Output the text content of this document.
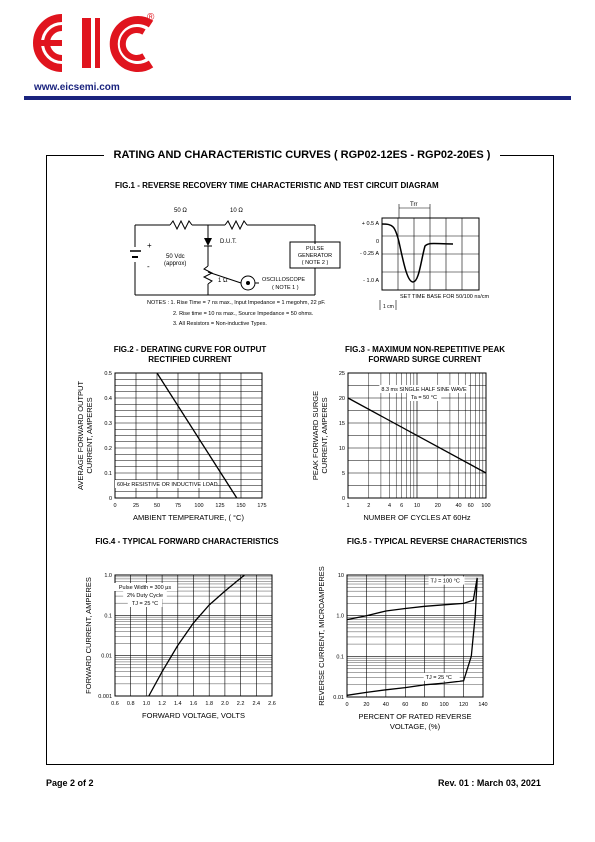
®
www.eicsemi.com
RATING AND CHARACTERISTIC CURVES ( RGP02-12ES - RGP02-20ES )
FIG.1 - REVERSE RECOVERY TIME CHARACTERISTIC AND TEST CIRCUIT DIAGRAM
50 Ω	10 Ω
D.U.T.
1 Ω
+
-
50 Vdc
(approx)
PULSE
GENERATOR
( NOTE 2 )
OSCILLOSCOPE
( NOTE 1 )
NOTES : 1. Rise Time = 7 ns max., Input Impedance = 1 megohm, 22 pF.
2. Rise time = 10 ns max., Source Impedance = 50 ohms.
3. All Resistors = Non-inductive Types.
Trr
+ 0.5 A
0
- 0.25 A
- 1.0 A
SET TIME BASE FOR 50/100 ns/cm
1 cm
FIG.2 - DERATING CURVE FOR OUTPUT
RECTIFIED CURRENT
0	25	50	75 100 125 150 175
0
0.1
0.2
0.3
0.4
0.5
AMBIENT TEMPERATURE, ( °C)
AVERAGE FORWARD OUTPUT CURRENT, AMPERES
60Hz RESISTIVE OR INDUCTIVE LOAD
FIG.3 - MAXIMUM NON-REPETITIVE PEAK
FORWARD SURGE CURRENT
1	2	4 6 10	20	40 60 100
0
5
10
15
20
25
NUMBER OF CYCLES AT 60Hz
PEAK FORWARD SURGE CURRENT, AMPERES
8.3 ms SINGLE HALF SINE WAVE
Ta = 50 °C
FIG.4 - TYPICAL FORWARD CHARACTERISTICS
0.6 0.8 1.0 1.2 1.4 1.6 1.8 2.0 2.2 2.4 2.6
0.001
0.01
0.1
1.0
FORWARD VOLTAGE, VOLTS
FORWARD CURRENT, AMPERES	Pulse Width = 300 μs
2% Duty Cycle
TJ = 25 °C
FIG.5 - TYPICAL REVERSE CHARACTERISTICS
0	20 40 60 80 100 120 140
0.01
0.1
1.0
10
PERCENT OF RATED REVERSE
VOLTAGE, (%)
REVERSE CURRENT, MICROAMPERES	TJ = 100 °C
TJ = 25 °C
Page 2 of 2	Rev. 01 : March 03, 2021
